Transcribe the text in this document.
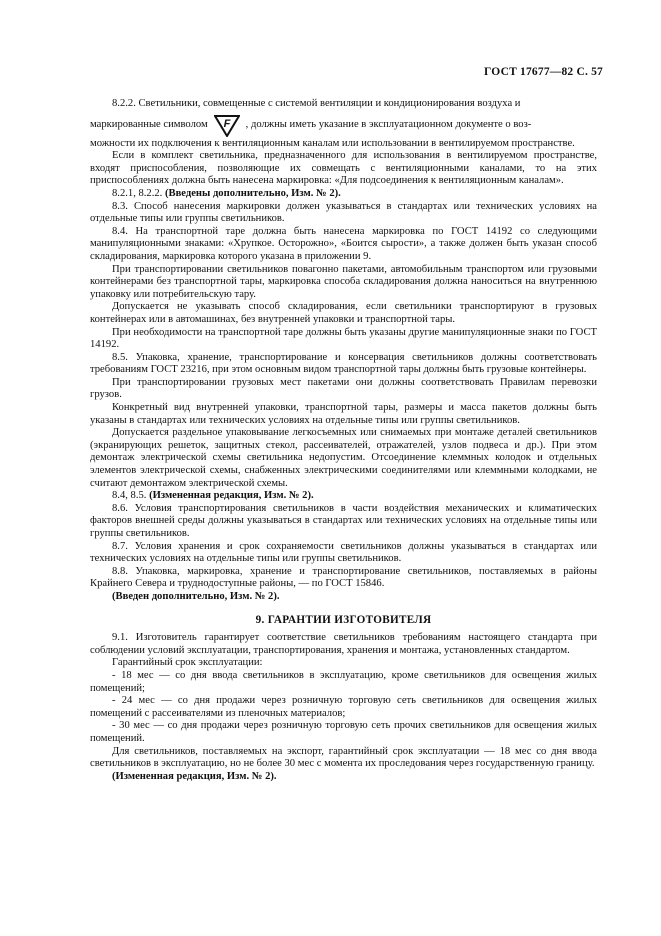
ГОСТ 17677—82 С. 57

8.2.2. Светильники, совмещенные с системой вентиляции и кондиционирования воздуха и

маркированные символом F , должны иметь указание в эксплуатационном документе о воз-

можности их подключения к вентиляционным каналам или использовании в вентилируемом пространстве.

Если в комплект светильника, предназначенного для использования в вентилируемом пространстве, входят приспособления, позволяющие их совмещать с вентиляционными каналами, то на этих приспособлениях должна быть нанесена маркировка: «Для подсоединения к вентиляционным каналам».

8.2.1, 8.2.2. (Введены дополнительно, Изм. № 2).

8.3. Способ нанесения маркировки должен указываться в стандартах или технических условиях на отдельные типы или группы светильников.

8.4. На транспортной таре должна быть нанесена маркировка по ГОСТ 14192 со следующими манипуляционными знаками: «Хрупкое. Осторожно», «Боится сырости», а также должен быть указан способ складирования, маркировка которого указана в приложении 9.

При транспортировании светильников повагонно пакетами, автомобильным транспортом или грузовыми контейнерами без транспортной тары, маркировка способа складирования должна наноситься на внутреннюю упаковку или потребительскую тару.

Допускается не указывать способ складирования, если светильники транспортируют в грузовых контейнерах или в автомашинах, без внутренней упаковки и транспортной тары.

При необходимости на транспортной таре должны быть указаны другие манипуляционные знаки по ГОСТ 14192.

8.5. Упаковка, хранение, транспортирование и консервация светильников должны соответствовать требованиям ГОСТ 23216, при этом основным видом транспортной тары должны быть грузовые контейнеры.

При транспортировании грузовых мест пакетами они должны соответствовать Правилам перевозки грузов.

Конкретный вид внутренней упаковки, транспортной тары, размеры и масса пакетов должны быть указаны в стандартах или технических условиях на отдельные типы или группы светильников.

Допускается раздельное упаковывание легкосъемных или снимаемых при монтаже деталей светильников (экранирующих решеток, защитных стекол, рассеивателей, отражателей, узлов подвеса и др.). При этом демонтаж электрической схемы светильника недопустим. Отсоединение клеммных колодок и отдельных элементов электрической схемы, снабженных электрическими соединителями или клеммными колодками, не считают демонтажом электрической схемы.

8.4, 8.5. (Измененная редакция, Изм. № 2).

8.6. Условия транспортирования светильников в части воздействия механических и климатических факторов внешней среды должны указываться в стандартах или технических условиях на отдельные типы или группы светильников.

8.7. Условия хранения и срок сохраняемости светильников должны указываться в стандартах или технических условиях на отдельные типы или группы светильников.

8.8. Упаковка, маркировка, хранение и транспортирование светильников, поставляемых в районы Крайнего Севера и труднодоступные районы, — по ГОСТ 15846.

(Введен дополнительно, Изм. № 2).

9. ГАРАНТИИ ИЗГОТОВИТЕЛЯ

9.1. Изготовитель гарантирует соответствие светильников требованиям настоящего стандарта при соблюдении условий эксплуатации, транспортирования, хранения и монтажа, установленных стандартом.

Гарантийный срок эксплуатации:

- 18 мес — со дня ввода светильников в эксплуатацию, кроме светильников для освещения жилых помещений;

- 24 мес — со дня продажи через розничную торговую сеть светильников для освещения жилых помещений с рассеивателями из пленочных материалов;

- 30 мес — со дня продажи через розничную торговую сеть прочих светильников для освещения жилых помещений.

Для светильников, поставляемых на экспорт, гарантийный срок эксплуатации — 18 мес со дня ввода светильников в эксплуатацию, но не более 30 мес с момента их проследования через государственную границу.

(Измененная редакция, Изм. № 2).
